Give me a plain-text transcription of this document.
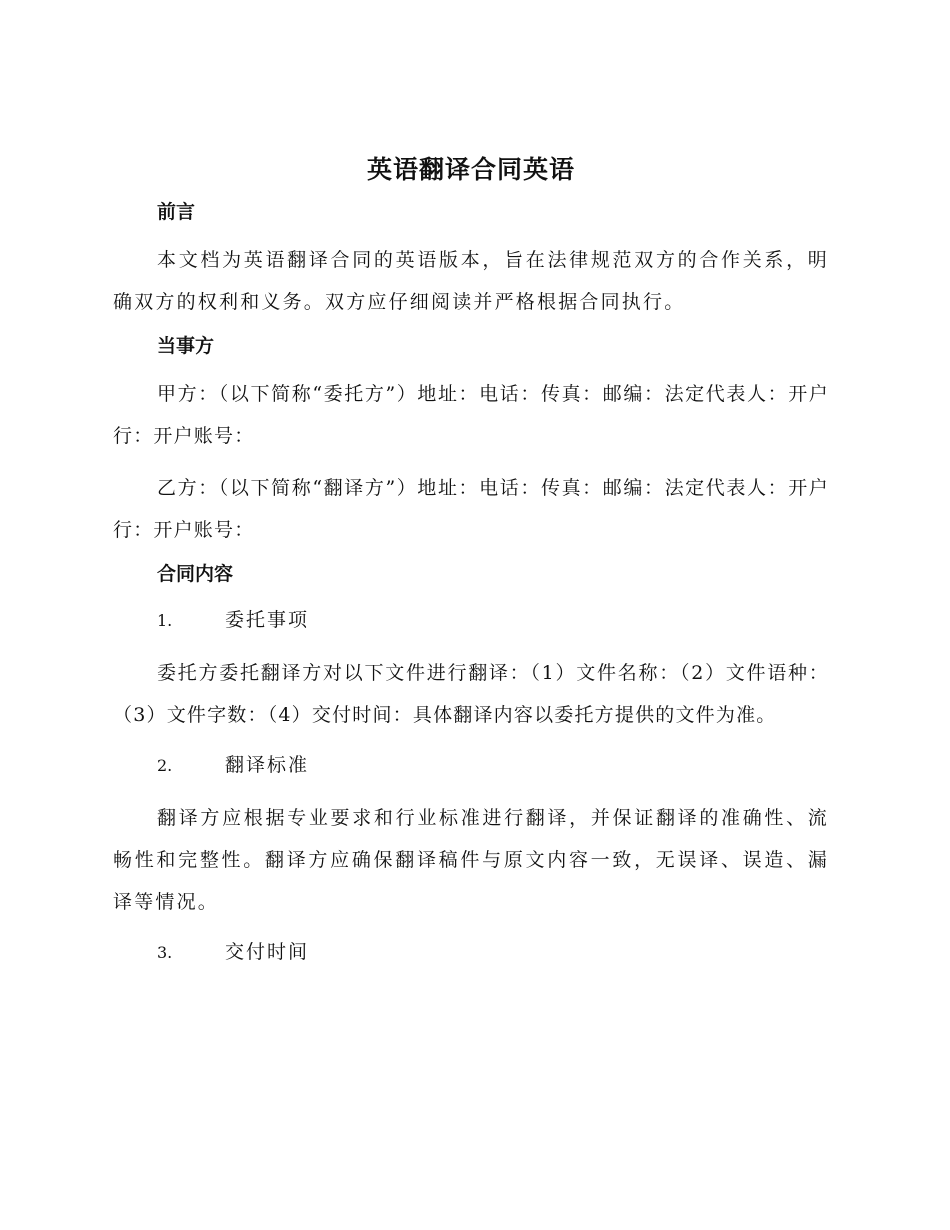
英语翻译合同英语
前言

本文档为英语翻译合同的英语版本，旨在法律规范双方的合作关系，明确双方的权利和义务。双方应仔细阅读并严格根据合同执行。

当事方

甲方：（以下简称“委托方”）地址：电话：传真：邮编：法定代表人：开户行：开户账号：

乙方：（以下简称“翻译方”）地址：电话：传真：邮编：法定代表人：开户行：开户账号：

合同内容
1.	委托事项

委托方委托翻译方对以下文件进行翻译：（1）文件名称：（2）文件语种：（3）文件字数：（4）交付时间：具体翻译内容以委托方提供的文件为准。

2.	翻译标准

翻译方应根据专业要求和行业标准进行翻译，并保证翻译的准确性、流畅性和完整性。翻译方应确保翻译稿件与原文内容一致，无误译、误造、漏译等情况。

3.	交付时间
